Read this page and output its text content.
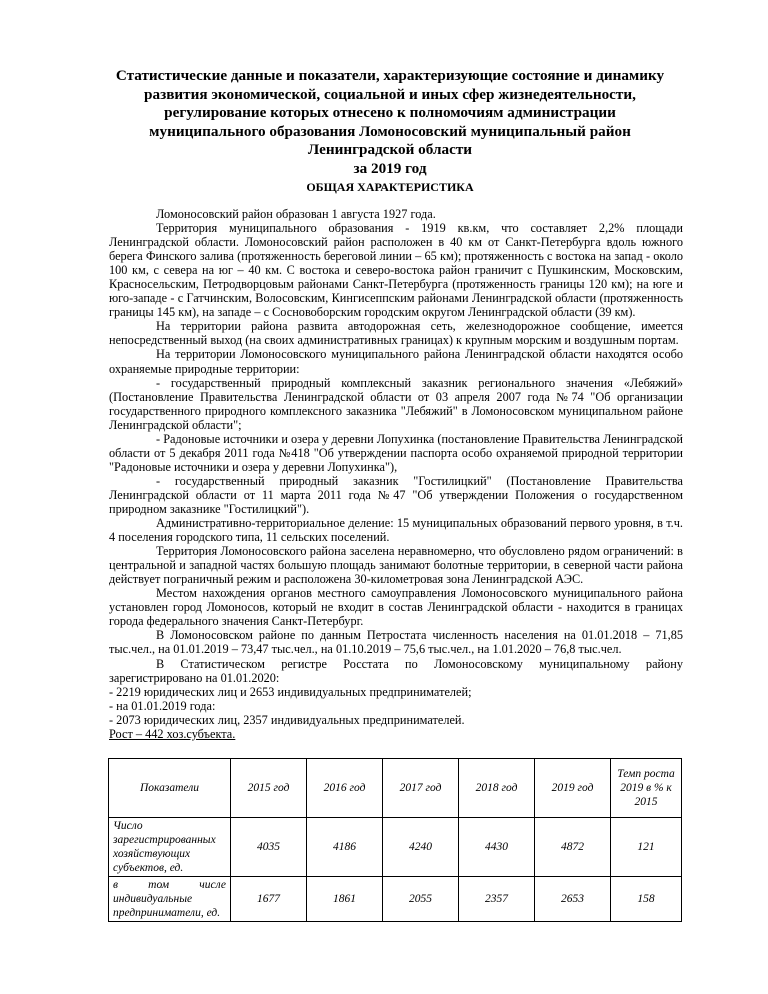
Статистические данные и показатели, характеризующие состояние и динамику
развития экономической, социальной и иных сфер жизнедеятельности,
регулирование которых отнесено к полномочиям администрации
муниципального образования Ломоносовский муниципальный район
Ленинградской области
за 2019 год
ОБЩАЯ ХАРАКТЕРИСТИКА

Ломоносовский район образован 1 августа 1927 года.

Территория муниципального образования - 1919 кв.км, что составляет 2,2% площади Ленинградской области. Ломоносовский район расположен в 40 км от Санкт-Петербурга вдоль южного берега Финского залива (протяженность береговой линии – 65 км); протяженность с востока на запад - около 100 км, с севера на юг – 40 км. С востока и северо-востока район граничит с Пушкинским, Московским, Красносельским, Петродворцовым районами Санкт-Петербурга (протяженность границы 120 км); на юге и юго-западе - с Гатчинским, Волосовским, Кингисеппским районами Ленинградской области (протяженность границы 145 км), на западе – с Сосновоборским городским округом Ленинградской области (39 км).

На территории района развита автодорожная сеть, железнодорожное сообщение, имеется непосредственный выход (на своих административных границах) к крупным морским и воздушным портам.

На территории Ломоносовского муниципального района Ленинградской области находятся особо охраняемые природные территории:

- государственный природный комплексный заказник регионального значения «Лебяжий» (Постановление Правительства Ленинградской области от 03 апреля 2007 года №74 "Об организации государственного природного комплексного заказника "Лебяжий" в Ломоносовском муниципальном районе Ленинградской области";

- Радоновые источники и озера у деревни Лопухинка (постановление Правительства Ленинградской области от 5 декабря 2011 года №418 "Об утверждении паспорта особо охраняемой природной территории "Радоновые источники и озера у деревни Лопухинка"),

- государственный природный заказник "Гостилицкий" (Постановление Правительства Ленинградской области от 11 марта 2011 года №47 "Об утверждении Положения о государственном природном заказнике "Гостилицкий").

Административно-территориальное деление: 15 муниципальных образований первого уровня, в т.ч. 4 поселения городского типа, 11 сельских поселений.

Территория Ломоносовского района заселена неравномерно, что обусловлено рядом ограничений: в центральной и западной частях большую площадь занимают болотные территории, в северной части района действует пограничный режим и расположена 30-километровая зона Ленинградской АЭС.

Местом нахождения органов местного самоуправления Ломоносовского муниципального района установлен город Ломоносов, который не входит в состав Ленинградской области - находится в границах города федерального значения Санкт-Петербург.

В Ломоносовском районе по данным Петростата численность населения на 01.01.2018 – 71,85 тыс.чел., на 01.01.2019 – 73,47 тыс.чел., на 01.10.2019 – 75,6 тыс.чел., на 1.01.2020 – 76,8 тыс.чел.

В Статистическом регистре Росстата по Ломоносовскому муниципальному району зарегистрировано на 01.01.2020:

- 2219 юридических лиц и 2653 индивидуальных предпринимателей;

- на 01.01.2019 года:

- 2073 юридических лиц, 2357 индивидуальных предпринимателей.

Рост – 442 хоз.субъекта.

Показатели	2015 год	2016 год	2017 год	2018 год	2019 год	Темп роста 2019 в % к 2015
Число зарегистрированных хозяйствующих субъектов, ед.	4035	4186	4240	4430	4872	121

в том числе
индивидуальные предприниматели, ед.	1677	1861	2055	2357	2653	158
